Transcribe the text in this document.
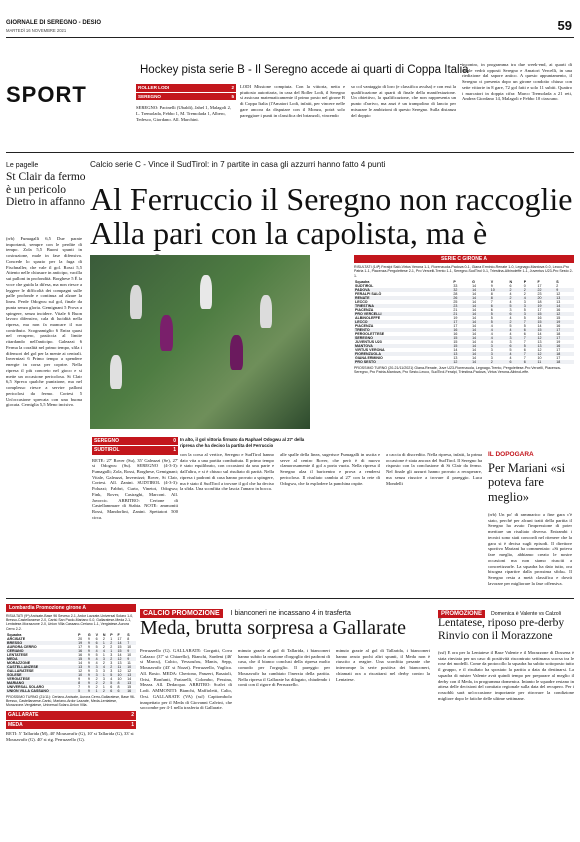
GIORNALE DI SEREGNO - DESIO
MARTEDÌ 16 NOVEMBRE 2021	59
SPORT
Hockey pista serie B - Il Seregno accede ai quarti di Coppa Italia
ROLLER LODI	2
SEREGNO	5
SEREGNO: Pacinelli (Ubaldi), Jahel 1, Malagoli 2, L. Tremolada, Febbo 1, M. Tremolada 1, Albero, Tedesco, Giordano. All. Marchini.
LODI Missione compiuta. Con la vittoria, netta e piuttosto autoritaria, in casa del Roller Lodi, il Seregno si assicura matematicamente il primo posto nel girone B di Coppa Italia (l'Amatori Lodi, infatti, per vincere nelle gare ancora da disputare con il Monza, potrà solo pareggiare i punti in classifica dei brianzoli, vincendo
so col vantaggio di loro (e classifica avulsa) e con essi la qualificazione ai quarti di finale della manifestazione. Un obiettivo, la qualificazione, che non rappresenta un punto d'arrivo, ma anzi è un trampolino di lancio per misurare le ambizioni di questo Seregno. Sulla distanza del doppio
incontro, in programma tra due week-end, ai quarti di finale vedrà opposti Seregno e Amatori Vercelli, in una riedizione dal sapore antico. A questo appuntamento, il Seregno ci presenta dopo un girone condotto chiuso con sette vittorie in 8 gare, 72 gol fatti e solo 11 subiti. Quattro i marcatori in doppia cifra: Marco Tremolada a 21 reti, Andrea Giordano 14, Malagoli e Febbo 10 ciascuno.
Le pagelle
St Clair da fermo è un pericolo Dietro in affanno
(rrb) Fumagalli 6,5 Due parate importanti, sempre con le perdite di tempo. Zola 5,5 Buoni spunti in costruzione, male in fase difensiva. Concede lo spazio per la fuga di Fischnaller, che vale il gol. Rossi 5,5 Attento nelle chiusure in anticipo, vacilla sui palloni in profondità. Borghese 5 È la voce che guida la difesa, ma non riesce a leggere le difficoltà dei compagni sulle palle profonde e continua ad alzare la linea. Perde Odogwu sul gol, finale da punta senza gloria. Gemignani 5 Prova a spingere, senza incidere. Vitale 6 Buon lavoro difensivo, cala di lucidità nella ripresa, ma non fa mancare il suo contributo. Scognamiglio 6 Entra quasi nel recupero, pasticcia al limite ritardando nell'anticipo. Galeazzi 6 Ferma la coralità nel primo tempo, sfila i difensori del gol per la mente ai centrali. Invernizzi 6 Primo tempo a spendere energie in corsa per coprire. Nella ripresa il più concreto nel gioco e si mette un occasione pericolosa. St Clair 6,5 Spreca qualche punizione, ma nel complesso riesce a servire palloni pericolosi da fermo. Cortesi 5 Un'occasione sprecata con una buona giocata. Cerniglia 5,5 Meno incisivo.
Calcio serie C - Vince il SudTirol: in 7 partite in casa gli azzurri hanno fatto 4 punti
Al Ferruccio il Seregno non raccoglie Alla pari con la capolista, ma è
SERIE C GIRONE A
RISULTATI (14ª) Feralpi Salò-Virtus Verona 1-1, Fiorenzuola-Padova 0-1, Giana Erminio-Renate 1-0, Legnago-Mantova 0-0, Lecco-Pro Patria 1-1, Piacenza-Pergolettese 2-1, Pro Vercelli-Trento 1-1, Seregno-SudTirol 0-1, Triestina-Albinoleffe 1-1, Juventus U23-Pro Sesto 2-1.
Squadra	P	G	V	N	P	F	S
SUDTIROL	33	14	9	6	0	17	2
PADOVA	32	14	10	2	2	22	9
FERALPI SALÒ	28	14	8	4	2	23	12
RENATE	26	14	8	2	4	20	13
LECCO	25	14	7	4	3	18	13
TRIESTINA	23	14	6	5	3	19	14
PIACENZA	21	14	6	3	5	17	16
PRO VERCELLI	21	14	5	6	3	15	12
ALBINOLEFFE	19	14	5	4	5	16	15
LECCO	17	14	5	2	7	15	19
PIACENZA	17	14	4	5	5	14	16
TRENTO	16	14	4	4	6	15	17
PERGOLETTESE	16	14	4	4	6	14	18
SEREGNO	15	14	4	3	7	12	17
JUVENTUS U23	15	14	4	3	7	13	19
MANTOVA	15	14	3	6	5	13	16
VIRTUS VERONA	14	14	3	5	6	12	17
FIORENZUOLA	13	14	3	4	7	12	18
GIANA ERMINIO	13	14	3	4	7	10	17
PRO SESTO	12	14	2	6	6	11	18
PROSSIMO TURNO (20-21/11/2021) Giana-Renate, Juve U23-Fiorenzuola, Legnago-Trento, Pergolettese-Pro Vercelli, Piacenza-Seregno, Pro Patria-Mantova, Pro Sesto-Lecco, SudTirol-Feralpi, Triestina-Padova, Virtus Verona-AlbinoLeffe.
IL DOPOGARA
Per Mariani «si poteva fare meglio»
(rrb) Un po' di rammarico a fine gara c'è stato, perché per alcuni tratti della partita il Seregno ha avuto l'impressione di poter meritare un risultato diverso. Entrambi i tecnici sono stati concordi nel ritenere che la gara si è decisa sugli episodi. Il direttore sportivo Mariani ha commentato: «Si poteva fare meglio, abbiamo creato le nostre occasioni ma non siamo riusciti a concretizzarle. La squadra ha dato tutto, ora bisogna ripartire dalla prossima sfida». Il Seregno resta a metà classifica e dovrà lavorare per migliorare la fase offensiva.
SEREGNO	0
SUDTIROL	1
RETE: 27' Rover (Su), 35' Galeazzi (Se), 27' st Odogwu (Su). SEREGNO (4-3-3): Fumagalli; Zola, Rossi, Borghese, Gemignani; Vitale, Galeazzi, Invernizzi; Rover, St Clair, Cortesi. All. Zanini. SUDTIROL (4-3-3): Poluzzi; Fabbri, Curto, Vinetot, Odogwu; Fink, Rover, Casiraghi, Marconi. All. Javorcic. ARBITRO: Cerione di Castellammare di Stabia. NOTE: ammoniti Rossi, Mandorlini, Zanini. Spettatori 500 circa.
In alto, il gol vittoria firmato da Raphael Odogwu al 27' della ripresa che ha deciso la partita del Ferruccio
con la corsa al vertice, Seregno e SudTirol hanno dato vita a una partita combattuta. Il primo tempo è stato equilibrato, con occasioni da una parte e dall'altra, e si è chiuso sul risultato di parità. Nella ripresa i padroni di casa hanno provato a spingere, ma è stato il SudTirol a trovare il gol che ha deciso la sfida. Una sconfitta che lascia l'amaro in bocca.
alle spalle della linea, sugerisce Fumagalli in uscita e serve al centro Rover, che però è di nuovo clamorosamente il gol a porta vuota. Nella ripresa il Seregno alza il baricentro e prova a rendersi pericoloso. Il risultato cambia al 27' con la rete di Odogwu, che fa esplodere la panchina ospite.
a caccia di discredito. Nella ripresa, infatti, la prima occasione è stata ancora del SudTirol. Il Seregno ha risposto con la conclusione di St Clair da fermo. Nel finale gli azzurri hanno provato a recuperare, ma senza riuscire a trovare il pareggio. Luca Mondelli
Lombardia Promozione girone A
RISULTATI (9ª) Arcisate-Base 96 Seveso 2-1, Ardor Lazzate-Universal Solaro 1-0, Bresso-Castellanzese 2-0, Cantù San Paolo-Mariano 0-0, Gallaratese-Meda 2-1, Lentatese-Morazzone 2-0, Union Villa Cassano-Ceriano 1-1, Vergiatese-Aurora Cerro 2-2.
Squadra	P	G	V	N	P	F	S
ARCISATE	20	9	6	2	1	17	8
BRESSO	19	9	6	1	2	14	7
AURORA CERRO	17	9	5	2	2	15	10
CERIANO	16	9	4	4	1	15	9
LENTATESE	16	9	5	1	3	14	10
MEDA	15	9	4	3	2	12	9
MORAZZONE	14	9	4	2	3	13	11
CASTELLANZESE	13	9	3	4	2	11	10
GALLARATESE	12	9	3	3	3	12	12
SOLESE	10	9	3	1	5	10	13
VERGIATESE	9	9	2	3	4	10	14
MARIANO	8	9	2	2	5	8	13
UNIVERSAL SOLARO	7	9	2	1	6	8	15
UNION VILLA CASSANO	5	9	1	2	6	6	16
PROSSIMO TURNO (21/11): Ceriano-Arcisate, Aurora Cerro-Gallaratese, Base 96-Bresso, Castellanzese-Cantù, Mariano-Ardor Lazzate, Meda-Lentatese, Morazzone-Vergiatese, Universal Solaro-Union Villa.
GALLARATE	2
MEDA	1
RETI: 5' Tallarida (M), 40' Mousavafir (G), 10' st Tallarida (G), 33' st Mousavafir (G). 40' st rig. Perruzzello (G).
CALCIO PROMOZIONE I bianconeri ne incassano 4 in trasferta
Meda, brutta sorpresa a Gallarate
Perruzzello (G). GALLARATE: Gorgatti, Cova Calazzo (37' st Chiarello), Bianchi, Sardeni (46' st Marcu), Calcio, Yessoufou, Manix, Sepp, Mousavafir (43' st Nozzi). Perruzzello, Vaglica. All. Bosio. MEDA: Cheriono, Panzeri, Basaioli, Orisi, Bonfanti, Fratarelli, Colombo, Pessina, Mezza. All. Dedacquo. ARBITRO: Scalvi di Lodi. AMMONITI: Bianchi, Maffioletti, Calio, Orsi. GALLARATE (VA) (ssf) Capitombolo inaspettato per il Meda di Giovanni Calvini, che soccombe per 4-1 nella trasferta di Gallarate.
minuto grazie al gol di Tallarida, i bianconeri hanno subito la reazione d'orgoglio dei padroni di casa, che il bianco conclusi della ripresa molto comodo per l'orgoglio. Il pareggio per Mousavafir ha cambiato l'inerzia della partita. Nella ripresa il Gallarate ha dilagato, chiudendo i conti con il rigore di Perruzzello.
minuto grazie al gol di Tallarida, i bianconeri hanno avuto pochi altri spunti, il Meda non è riuscito a reagire. Una sconfitta pesante che interrompe la serie positiva dei bianconeri, chiamati ora a riscattarsi nel derby contro la Lentatese.
PROMOZIONE Domenica è Valente vs Calzoli
Lentatese, riposo pre-derby Rinvio con il Morazzone
(ssf) E ora per la Lentatese il Base Valente e il Morazzone di Dossena è stata rinviata per un caso di positività riscontrato settimana scorsa tra le rose dei modellì. Come da protocollo la squadra ha subito sottoposto tutto il gruppo, e il risultato ha spostato la partita a data da destinarsi. La squadra di mister Valente avrà quindi tempo per preparare al meglio il derby con il Meda, in programma domenica. Intanto le squadre restano in attesa delle decisioni del comitato regionale sulla data del recupero. Per i rossoblù sarà un'occasione importante per ritrovare la condizione migliore dopo le fatiche delle ultime settimane.
